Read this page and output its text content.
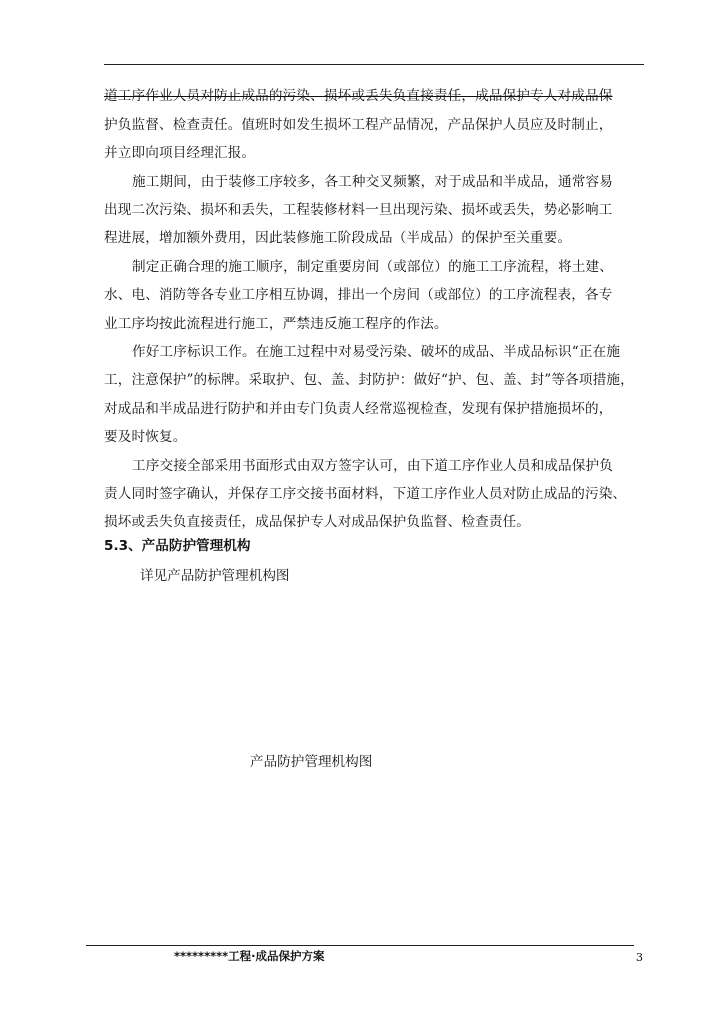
道工序作业人员对防止成品的污染、损坏或丢失负直接责任，成品保护专人对成品保
护负监督、检查责任。值班时如发生损坏工程产品情况，产品保护人员应及时制止，
并立即向项目经理汇报。
施工期间，由于装修工序较多，各工种交叉频繁，对于成品和半成品，通常容易
出现二次污染、损坏和丢失，工程装修材料一旦出现污染、损坏或丢失，势必影响工
程进展，增加额外费用，因此装修施工阶段成品（半成品）的保护至关重要。
制定正确合理的施工顺序，制定重要房间（或部位）的施工工序流程，将土建、
水、电、消防等各专业工序相互协调，排出一个房间（或部位）的工序流程表，各专
业工序均按此流程进行施工，严禁违反施工程序的作法。
作好工序标识工作。在施工过程中对易受污染、破坏的成品、半成品标识“正在施
工，注意保护”的标牌。采取护、包、盖、封防护：做好“护、包、盖、封”等各项措施，
对成品和半成品进行防护和并由专门负责人经常巡视检查，发现有保护措施损坏的，
要及时恢复。
工序交接全部采用书面形式由双方签字认可，由下道工序作业人员和成品保护负
责人同时签字确认，并保存工序交接书面材料，下道工序作业人员对防止成品的污染、
损坏或丢失负直接责任，成品保护专人对成品保护负监督、检查责任。
5.3、产品防护管理机构
详见产品防护管理机构图
产品防护管理机构图
*********工程·成品保护方案	3
